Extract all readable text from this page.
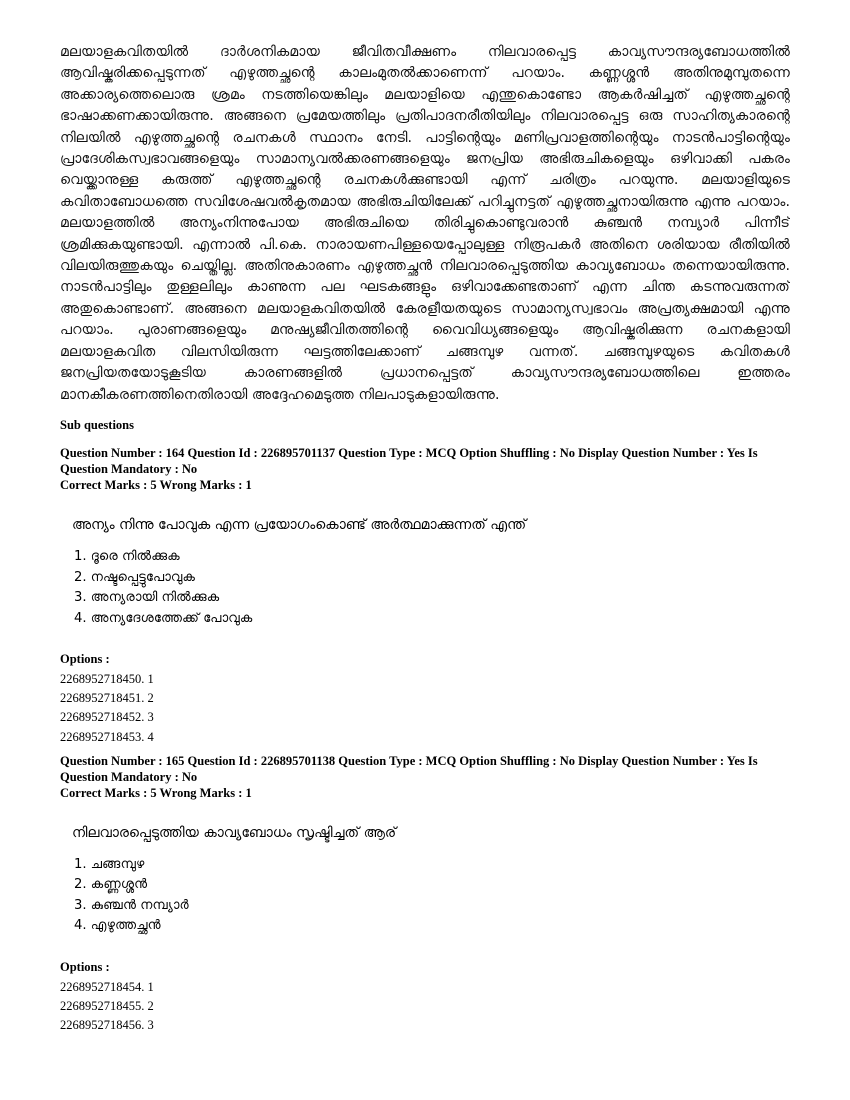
മലയാളകവിതയിൽ ദാർശനികമായ ജീവിതവീക്ഷണം നിലവാരപ്പെട്ട കാവ്യസൗന്ദര്യബോധത്തിൽ ആവിഷ്കരിക്കപ്പെടുന്നത് എഴുത്തച്ഛന്റെ കാലംമുതൽക്കാണെന്ന് പറയാം. കണ്ണശ്ശൻ അതിനുമുമ്പുതന്നെ അക്കാര്യത്തെലൊരു ശ്രമം നടത്തിയെങ്കിലും മലയാളിയെ എന്തുകൊണ്ടോ ആകർഷിച്ചത് എഴുത്തച്ഛന്റെ ഭാഷാക്കണക്കായിരുന്നു. അങ്ങനെ പ്രമേയത്തിലും പ്രതിപാദനരീതിയിലും നിലവാരപ്പെട്ട ഒരു സാഹിത്യകാരന്റെ നിലയിൽ എഴുത്തച്ഛന്റെ രചനകൾ സ്ഥാനം നേടി. പാട്ടിന്റെയും മണിപ്രവാളത്തിന്റെയും നാടൻപാട്ടിന്റെയും പ്രാദേശികസ്വഭാവങ്ങളെയും സാമാന്യവൽക്കരണങ്ങളെയും ജനപ്രിയ അഭിരുചികളെയും ഒഴിവാക്കി പകരം വെയ്ക്കാനുള്ള കരുത്ത് എഴുത്തച്ഛന്റെ രചനകൾക്കുണ്ടായി എന്ന് ചരിത്രം പറയുന്നു. മലയാളിയുടെ കവിതാബോധത്തെ സവിശേഷവൽകൃതമായ അഭിരുചിയിലേക്ക് പറിച്ചുനട്ടത് എഴുത്തച്ഛനായിരുന്നു എന്നു പറയാം. മലയാളത്തിൽ അന്യംനിന്നുപോയ അഭിരുചിയെ തിരിച്ചുകൊണ്ടുവരാൻ കുഞ്ചൻ നമ്പ്യാർ പിന്നീട് ശ്രമിക്കുകയുണ്ടായി. എന്നാൽ പി.കെ. നാരായണപിള്ളയെപ്പോലുള്ള നിരൂപകർ അതിനെ ശരിയായ രീതിയിൽ വിലയിരുത്തുകയും ചെയ്തില്ല. അതിനുകാരണം എഴുത്തച്ഛൻ നിലവാരപ്പെടുത്തിയ കാവ്യബോധം തന്നെയായിരുന്നു. നാടൻപാട്ടിലും തുള്ളലിലും കാണുന്ന പല ഘടകങ്ങളും ഒഴിവാക്കേണ്ടതാണ് എന്ന ചിന്ത കടന്നുവരുന്നത് അതുകൊണ്ടാണ്. അങ്ങനെ മലയാളകവിതയിൽ കേരളീയതയുടെ സാമാന്യസ്വഭാവം അപ്രത്യക്ഷമായി എന്നു പറയാം. പുരാണങ്ങളെയും മനുഷ്യജീവിതത്തിന്റെ വൈവിധ്യങ്ങളെയും ആവിഷ്കരിക്കുന്ന രചനകളായി മലയാളകവിത വിലസിയിരുന്ന ഘട്ടത്തിലേക്കാണ് ചങ്ങമ്പുഴ വന്നത്. ചങ്ങമ്പുഴയുടെ കവിതകൾ ജനപ്രിയതയോടുകൂടിയ കാരണങ്ങളിൽ പ്രധാനപ്പെട്ടത് കാവ്യസൗന്ദര്യബോധത്തിലെ ഇത്തരം മാനകീകരണത്തിനെതിരായി അദ്ദേഹമെടുത്ത നിലപാടുകളായിരുന്നു.

Sub questions
Question Number : 164 Question Id : 226895701137 Question Type : MCQ Option Shuffling : No Display Question Number : Yes Is
Question Mandatory : No
Correct Marks : 5 Wrong Marks : 1
അന്യം നിന്നു പോവുക എന്ന പ്രയോഗംകൊണ്ട് അർത്ഥമാക്കുന്നത് എന്ത്
1. ദൂരെ നിൽക്കുക
2. നഷ്ടപ്പെട്ടുപോവുക
3. അന്യരായി നിൽക്കുക
4. അന്യദേശത്തേക്ക് പോവുക
Options :
2268952718450. 1
2268952718451. 2
2268952718452. 3
2268952718453. 4
Question Number : 165 Question Id : 226895701138 Question Type : MCQ Option Shuffling : No Display Question Number : Yes Is
Question Mandatory : No
Correct Marks : 5 Wrong Marks : 1
നിലവാരപ്പെടുത്തിയ കാവ്യബോധം സൃഷ്ടിച്ചത് ആര്
1. ചങ്ങമ്പുഴ
2. കണ്ണശ്ശൻ
3. കുഞ്ചൻ നമ്പ്യാർ
4. എഴുത്തച്ഛൻ
Options :
2268952718454. 1
2268952718455. 2
2268952718456. 3
